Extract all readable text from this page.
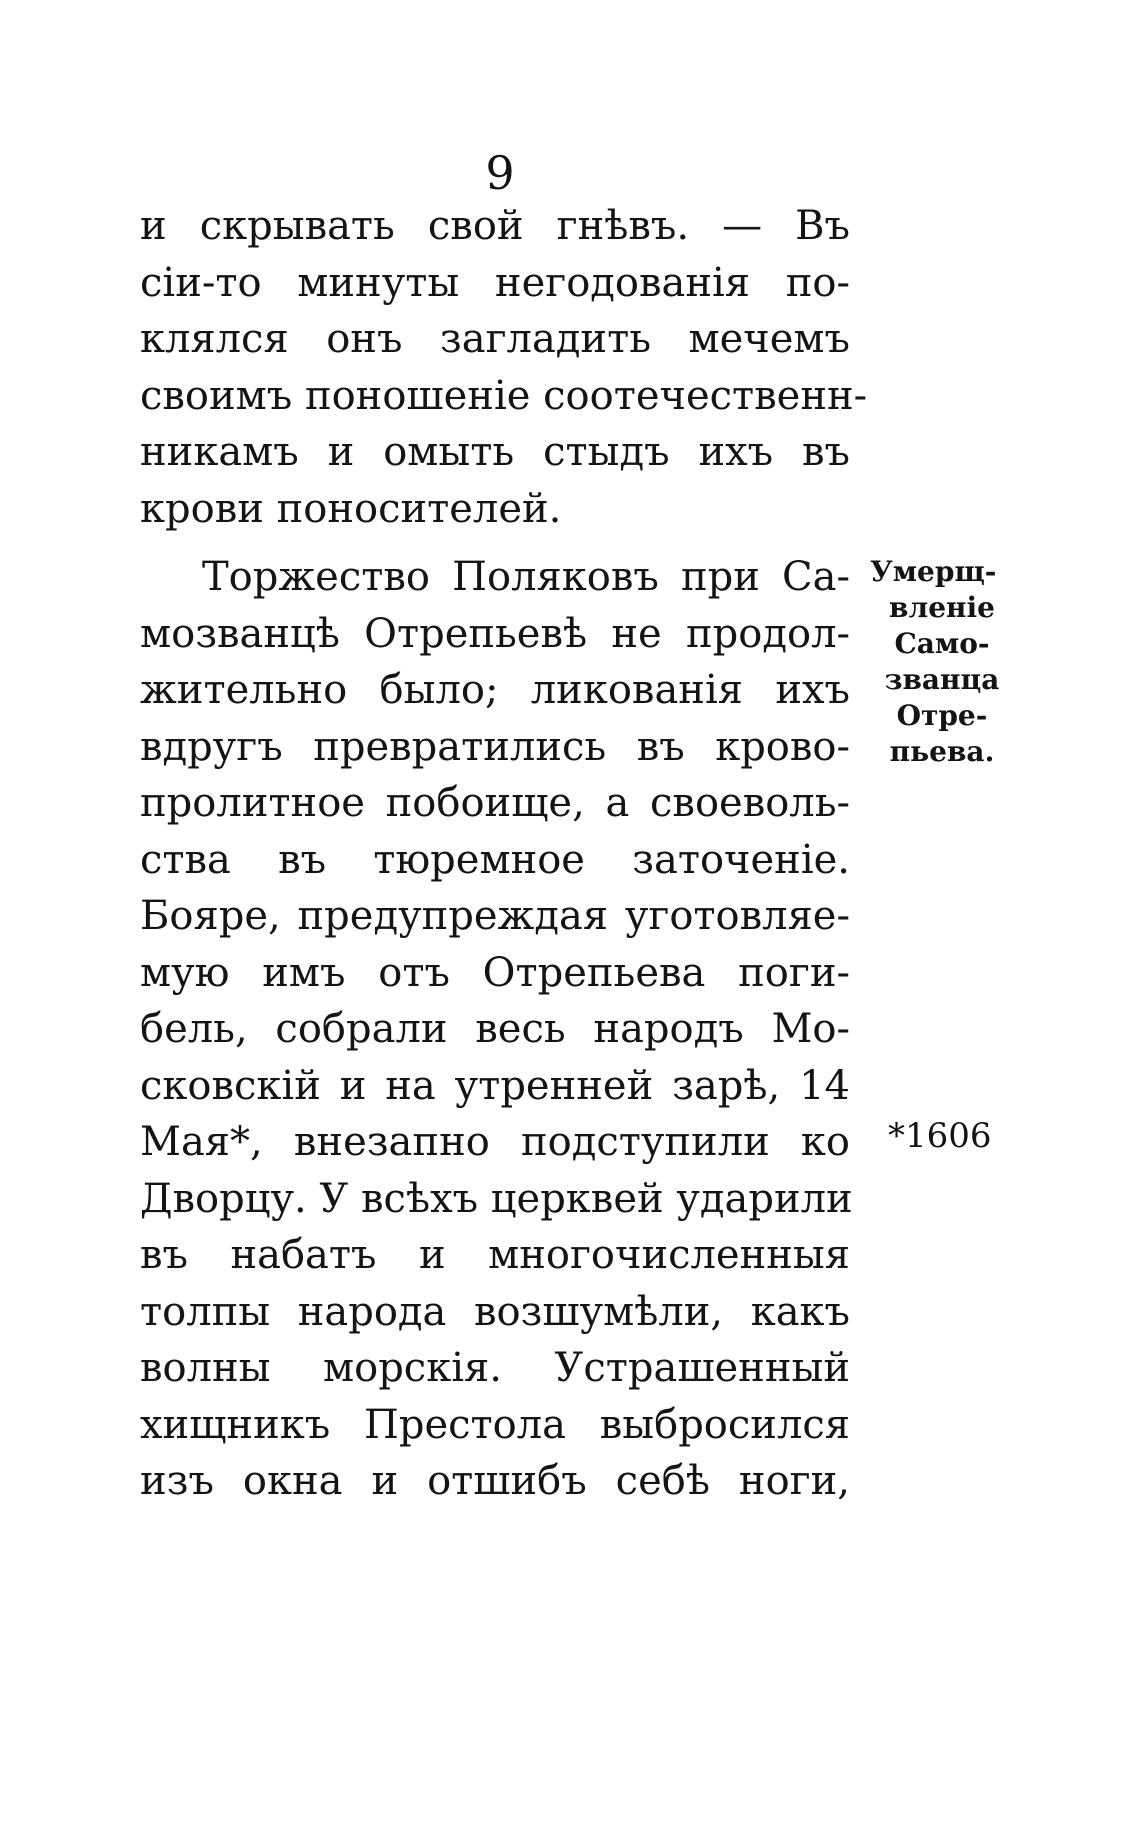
9
и скрывать свой гнѣвъ. — Въ
сіи-то минуты негодованія по-
клялся онъ загладить мечемъ
своимъ поношеніе соотечественн-
никамъ и омыть стыдъ ихъ въ
крови поносителей.
Торжество Поляковъ при Са-
мозванцѣ Отрепьевѣ не продол-
жительно было; ликованія ихъ
вдругъ превратились въ крово-
пролитное побоище, а своеволь-
ства въ тюремное заточеніе.
Бояре, предупреждая уготовляе-
мую имъ отъ Отрепьева поги-
бель, собрали весь народъ Мо-
сковскій и на утренней зарѣ, 14
Мая*, внезапно подступили ко
Дворцу. У всѣхъ церквей ударили
въ набатъ и многочисленныя
толпы народа возшумѣли, какъ
волны морскія. Устрашенный
хищникъ Престола выбросился
изъ окна и отшибъ себѣ ноги,
Умерщ-
вленіе
Само-
званца
Отре-
пьева.
*1606
